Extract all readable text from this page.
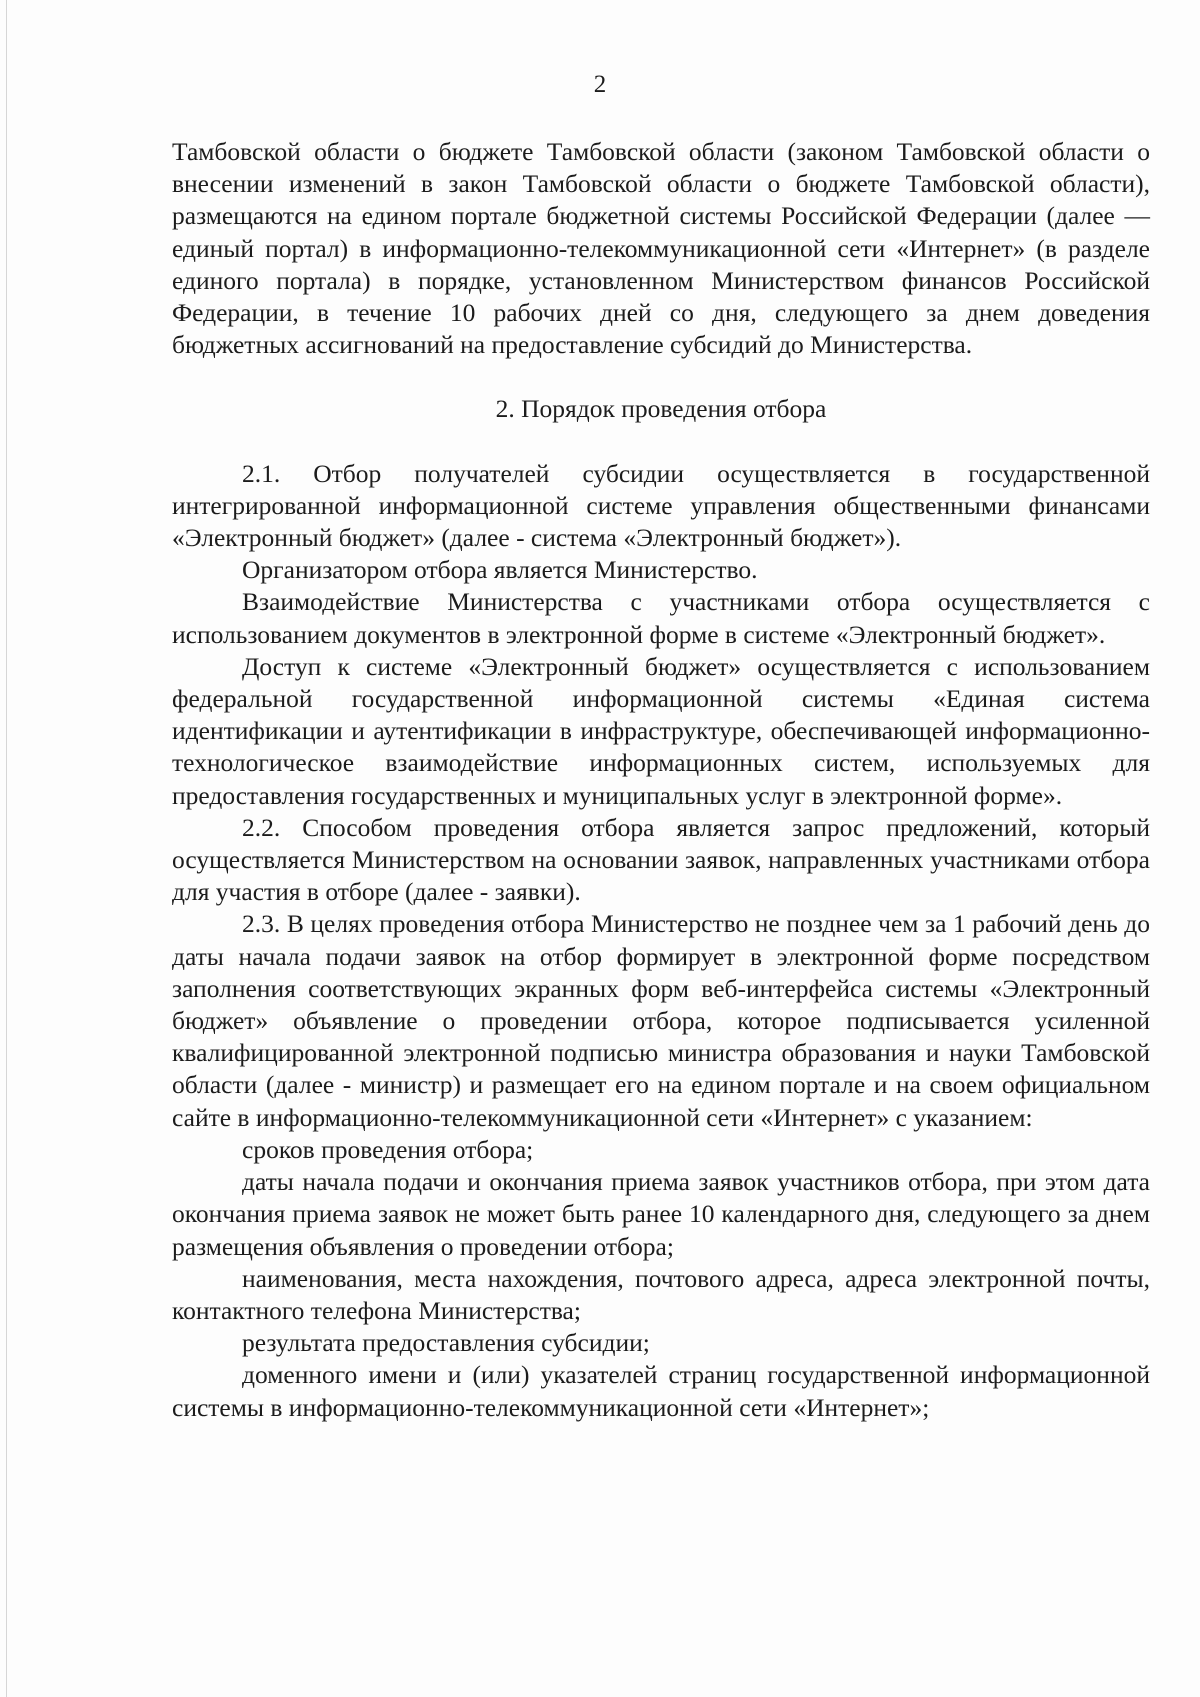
2

Тамбовской области о бюджете Тамбовской области (законом Тамбовской области о внесении изменений в закон Тамбовской области о бюджете Тамбовской области), размещаются на едином портале бюджетной системы Российской Федерации (далее — единый портал) в информационно-телекоммуникационной сети «Интернет» (в разделе единого портала) в порядке, установленном Министерством финансов Российской Федерации, в течение 10 рабочих дней со дня, следующего за днем доведения бюджетных ассигнований на предоставление субсидий до Министерства.

2. Порядок проведения отбора

2.1. Отбор получателей субсидии осуществляется в государственной интегрированной информационной системе управления общественными финансами «Электронный бюджет» (далее - система «Электронный бюджет»).

Организатором отбора является Министерство.

Взаимодействие Министерства с участниками отбора осуществляется с использованием документов в электронной форме в системе «Электронный бюджет».

Доступ к системе «Электронный бюджет» осуществляется с использованием федеральной государственной информационной системы «Единая система идентификации и аутентификации в инфраструктуре, обеспечивающей информационно-технологическое взаимодействие информационных систем, используемых для предоставления государственных и муниципальных услуг в электронной форме».

2.2. Способом проведения отбора является запрос предложений, который осуществляется Министерством на основании заявок, направленных участниками отбора для участия в отборе (далее - заявки).

2.3. В целях проведения отбора Министерство не позднее чем за 1 рабочий день до даты начала подачи заявок на отбор формирует в электронной форме посредством заполнения соответствующих экранных форм веб-интерфейса системы «Электронный бюджет» объявление о проведении отбора, которое подписывается усиленной квалифицированной электронной подписью министра образования и науки Тамбовской области (далее - министр) и размещает его на едином портале и на своем официальном сайте в информационно-телекоммуникационной сети «Интернет» с указанием:

сроков проведения отбора;

даты начала подачи и окончания приема заявок участников отбора, при этом дата окончания приема заявок не может быть ранее 10 календарного дня, следующего за днем размещения объявления о проведении отбора;

наименования, места нахождения, почтового адреса, адреса электронной почты, контактного телефона Министерства;

результата предоставления субсидии;

доменного имени и (или) указателей страниц государственной информационной системы в информационно-телекоммуникационной сети «Интернет»;
